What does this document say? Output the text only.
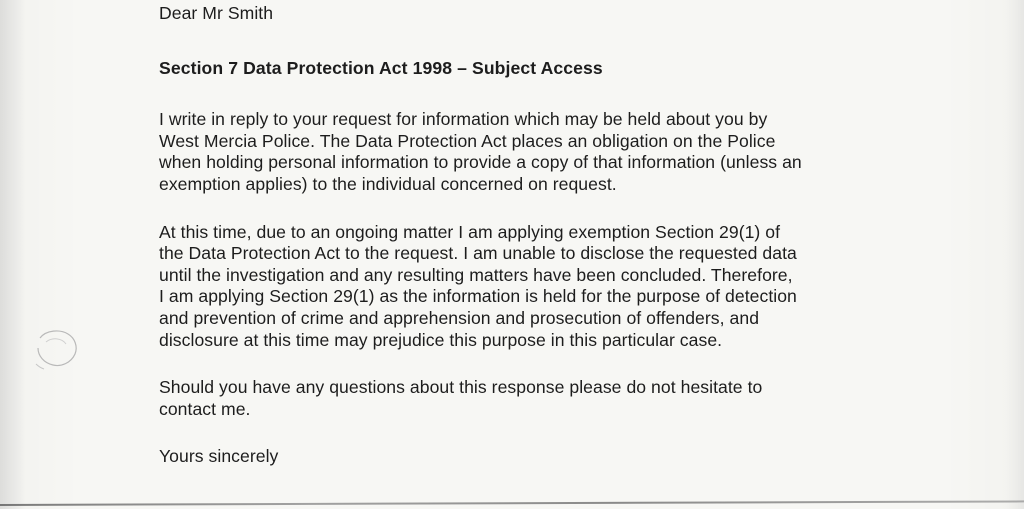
Dear Mr Smith

Section 7 Data Protection Act 1998 – Subject Access

I write in reply to your request for information which may be held about you by
West Mercia Police. The Data Protection Act places an obligation on the Police
when holding personal information to provide a copy of that information (unless an
exemption applies) to the individual concerned on request.
At this time, due to an ongoing matter I am applying exemption Section 29(1) of
the Data Protection Act to the request. I am unable to disclose the requested data
until the investigation and any resulting matters have been concluded. Therefore,
I am applying Section 29(1) as the information is held for the purpose of detection
and prevention of crime and apprehension and prosecution of offenders, and
disclosure at this time may prejudice this purpose in this particular case.
Should you have any questions about this response please do not hesitate to
contact me.

Yours sincerely
